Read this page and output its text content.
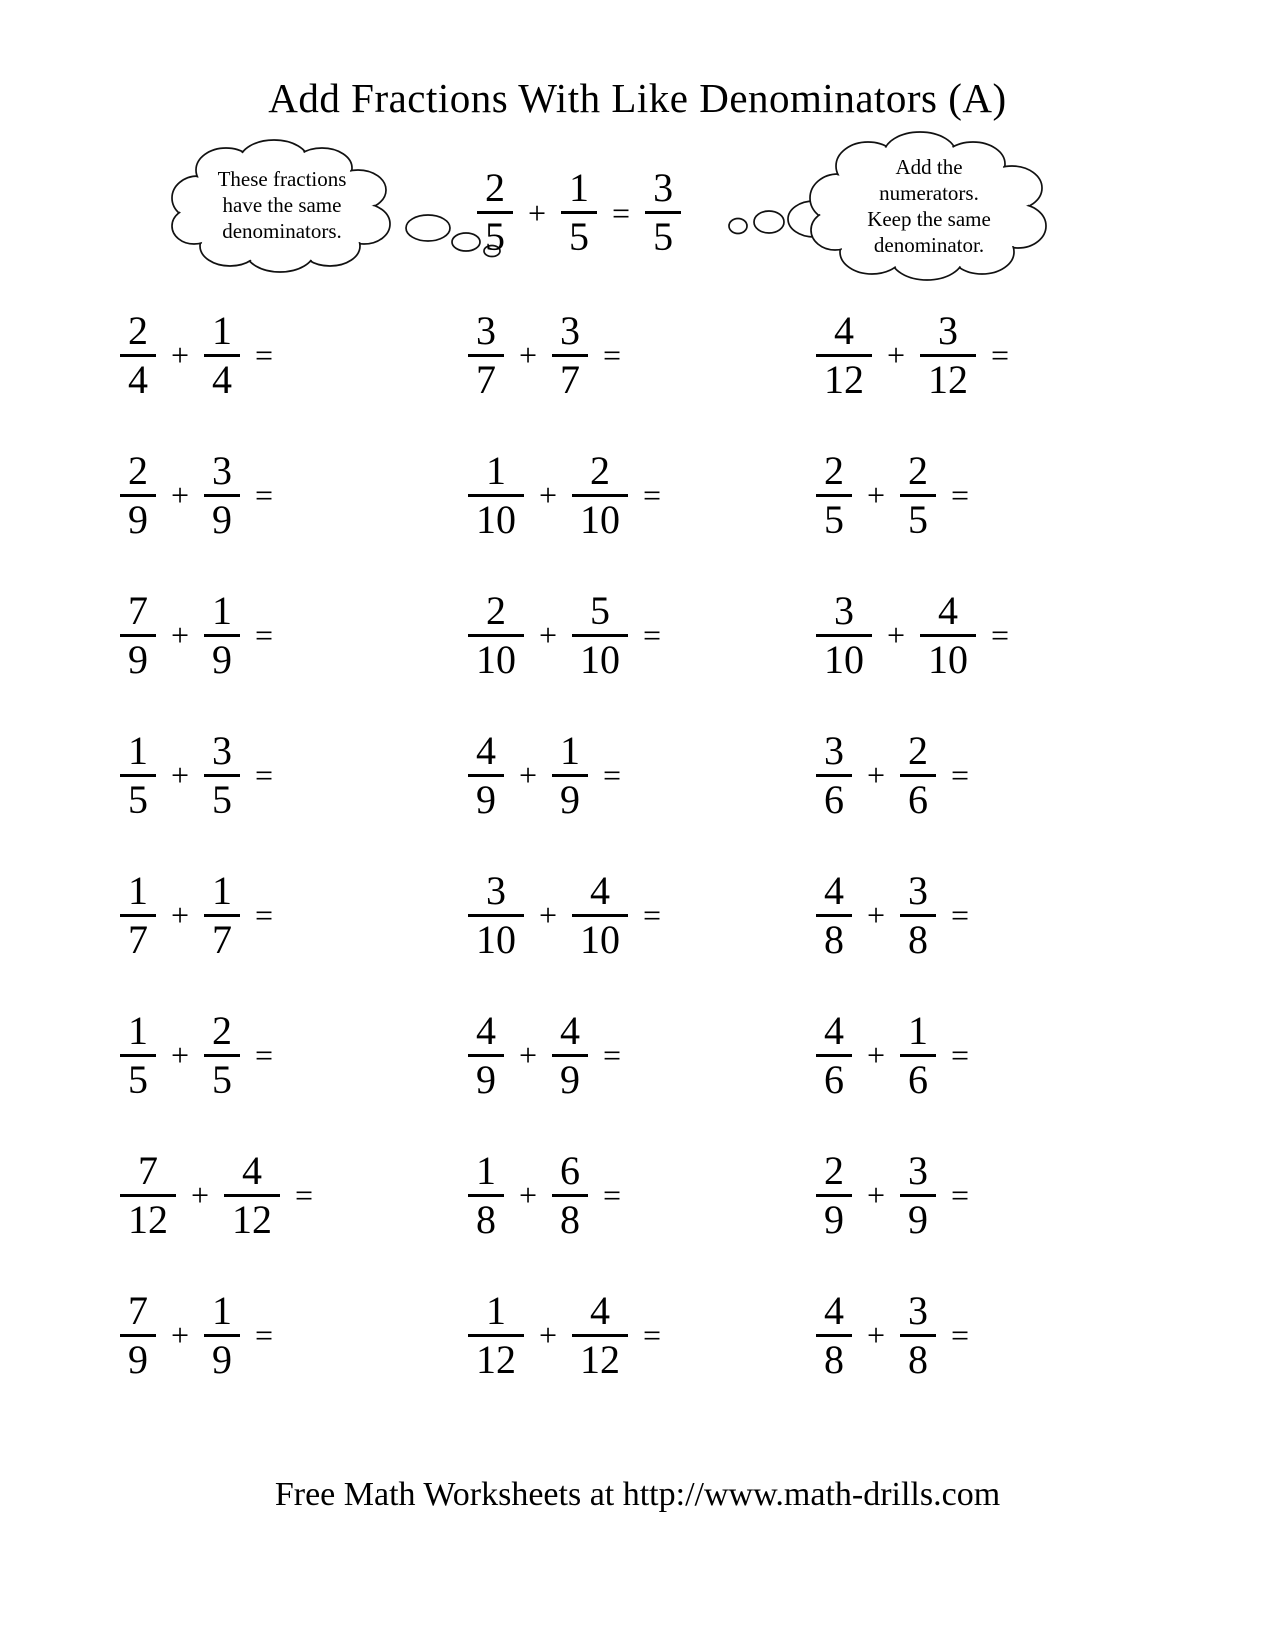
Add Fractions With Like Denominators (A)
These fractions
have the same
denominators.	$\frac{2}{5} + \frac{1}{5} = \frac{3}{5}$
Add the
numerators.
Keep the same
denominator.
$\frac{2}{4} + \frac{1}{4}$ =	$\frac{3}{7} + \frac{3}{7}$ =	$\frac{4}{12} + \frac{3}{12}$ =
$\frac{2}{9} + \frac{3}{9}$ =	$\frac{1}{10} + \frac{2}{10}$ =	$\frac{2}{5} + \frac{2}{5}$ =
$\frac{7}{9} + \frac{1}{9}$ =	$\frac{2}{10} + \frac{5}{10}$ =	$\frac{3}{10} + \frac{4}{10}$ =
$\frac{1}{5} + \frac{3}{5}$ =	$\frac{4}{9} + \frac{1}{9}$ =	$\frac{3}{6} + \frac{2}{6}$ =
$\frac{1}{7} + \frac{1}{7}$ =	$\frac{3}{10} + \frac{4}{10}$ =	$\frac{4}{8} + \frac{3}{8}$ =
$\frac{1}{5} + \frac{2}{5}$ =	$\frac{4}{9} + \frac{4}{9}$ =	$\frac{4}{6} + \frac{1}{6}$ =
$\frac{7}{12} + \frac{4}{12}$ =	$\frac{1}{8} + \frac{6}{8}$ =	$\frac{2}{9} + \frac{3}{9}$ =
$\frac{7}{9} + \frac{1}{9}$ =	$\frac{1}{12} + \frac{4}{12}$ =	$\frac{4}{8} + \frac{3}{8}$ =
Free Math Worksheets at http://www.math-drills.com
